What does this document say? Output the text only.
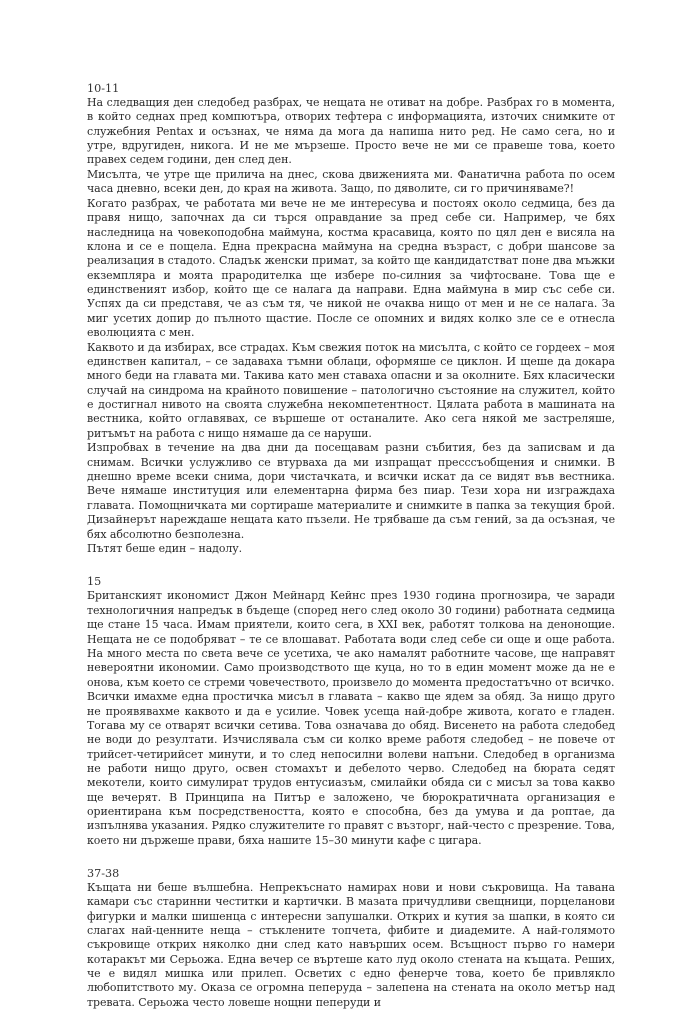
10-11

На следващия ден следобед разбрах, че нещата не отиват на добре. Разбрах го в момента, в който седнах пред компютъра, отворих тефтера с информацията, източих снимките от служебния Pentax и осъзнах, че няма да мога да напиша нито ред. Не само сега, но и утре, вдругиден, никога. И не ме мързеше. Просто вече не ми се правеше това, което правех седем години, ден след ден.

Мисълта, че утре ще прилича на днес, скова движенията ми. Фанатична работа по осем часа дневно, всеки ден, до края на живота. Защо, по дяволите, си го причиняваме?!

Когато разбрах, че работата ми вече не ме интересува и постоях около седмица, без да правя нищо, започнах да си търся оправдание за пред себе си. Например, че бях наследница на човекоподобна маймуна, костма красавица, която по цял ден е висяла на клона и се е пощела. Една прекрасна маймуна на средна възраст, с добри шансове за реализация в стадото. Сладък женски примат, за който ще кандидатстват поне два мъжки екземпляра и моята прародителка ще избере по-силния за чифтосване. Това ще е единственият избор, който ще се налага да направи. Една маймуна в мир със себе си. Успях да си представя, че аз съм тя, че никой не очаква нищо от мен и не се налага. За миг усетих допир до пълното щастие. После се опомних и видях колко зле се е отнесла еволюцията с мен.

Каквото и да избирах, все страдах. Към свежия поток на мисълта, с който се гордеех – моя единствен капитал, – се задаваха тъмни облаци, оформяше се циклон. И щеше да докара много беди на главата ми. Такива като мен ставаха опасни и за околните. Бях класически случай на синдрома на крайното повишение – патологично състояние на служител, който е достигнал нивото на своята служебна некомпетентност. Цялата работа в машината на вестника, който оглавявах, се вършеше от останалите. Ако сега някой ме застреляше, ритъмът на работа с нищо нямаше да се наруши.

Изпробвах в течение на два дни да посещавам разни събития, без да записвам и да снимам. Всички услужливо се втурваха да ми изпращат пресссъобщения и снимки. В днешно време всеки снима, дори чистачката, и всички искат да се видят във вестника. Вече нямаше институция или елементарна фирма без пиар. Тези хора ни изграждаха главата. Помощничката ми сортираше материалите и снимките в папка за текущия брой. Дизайнерът нареждаше нещата като пъзели. Не трябваше да съм гений, за да осъзная, че бях абсолютно безполезна.

Пътят беше един – надолу.

15

Британският икономист Джон Мейнард Кейнс през 1930 година прогнозира, че заради технологичния напредък в бъдеще (според него след около 30 години) работната седмица ще стане 15 часа. Имам приятели, които сега, в XXI век, работят толкова на денонощие. Нещата не се подобряват – те се влошават. Работата води след себе си още и още работа. На много места по света вече се усетиха, че ако намалят работните часове, ще направят невероятни икономии. Само производството ще куца, но то в един момент може да не е онова, към което се стреми човечеството, произвело до момента предостатъчно от всичко.

Всички имахме една простичка мисъл в главата – какво ще ядем за обяд. За нищо друго не проявявахме каквото и да е усилие. Човек усеща най-добре живота, когато е гладен. Тогава му се отварят всички сетива. Това означава до обяд. Висенето на работа следобед не води до резултати. Изчислявала съм си колко време работя следобед – не повече от трийсет-четирийсет минути, и то след непосилни волеви напъни. Следобед в организма не работи нищо друго, освен стомахът и дебелото черво. Следобед на бюрата седят мекотели, които симулират трудов ентусиазъм, смилайки обяда си с мисъл за това какво ще вечерят. В Принципа на Питър е заложено, че бюрократичната организация е ориентирана към посредствеността, която е способна, без да умува и да роптае, да изпълнява указания. Рядко служителите го правят с възторг, най-често с презрение. Това, което ни държеше прави, бяха нашите 15–30 минути кафе с цигара.

37-38

Къщата ни беше вълшебна. Непрекъснато намирах нови и нови съкровища. На тавана камари със старинни честитки и картички. В мазата причудливи свещници, порцеланови фигурки и малки шишенца с интересни запушалки. Открих и кутия за шапки, в която си слагах най-ценните неща – стъклените топчета, фибите и диадемите. А най-голямото съкровище открих няколко дни след като навърших осем. Всъщност първо го намери котаракът ми Серьожа. Една вечер се въртеше като луд около стената на къщата. Реших, че е видял мишка или прилеп. Осветих с едно фенерче това, което бе привлякло любопитството му. Оказа се огромна пеперуда – залепена на стената на около метър над тревата. Серьожа често ловеше нощни пеперуди и
